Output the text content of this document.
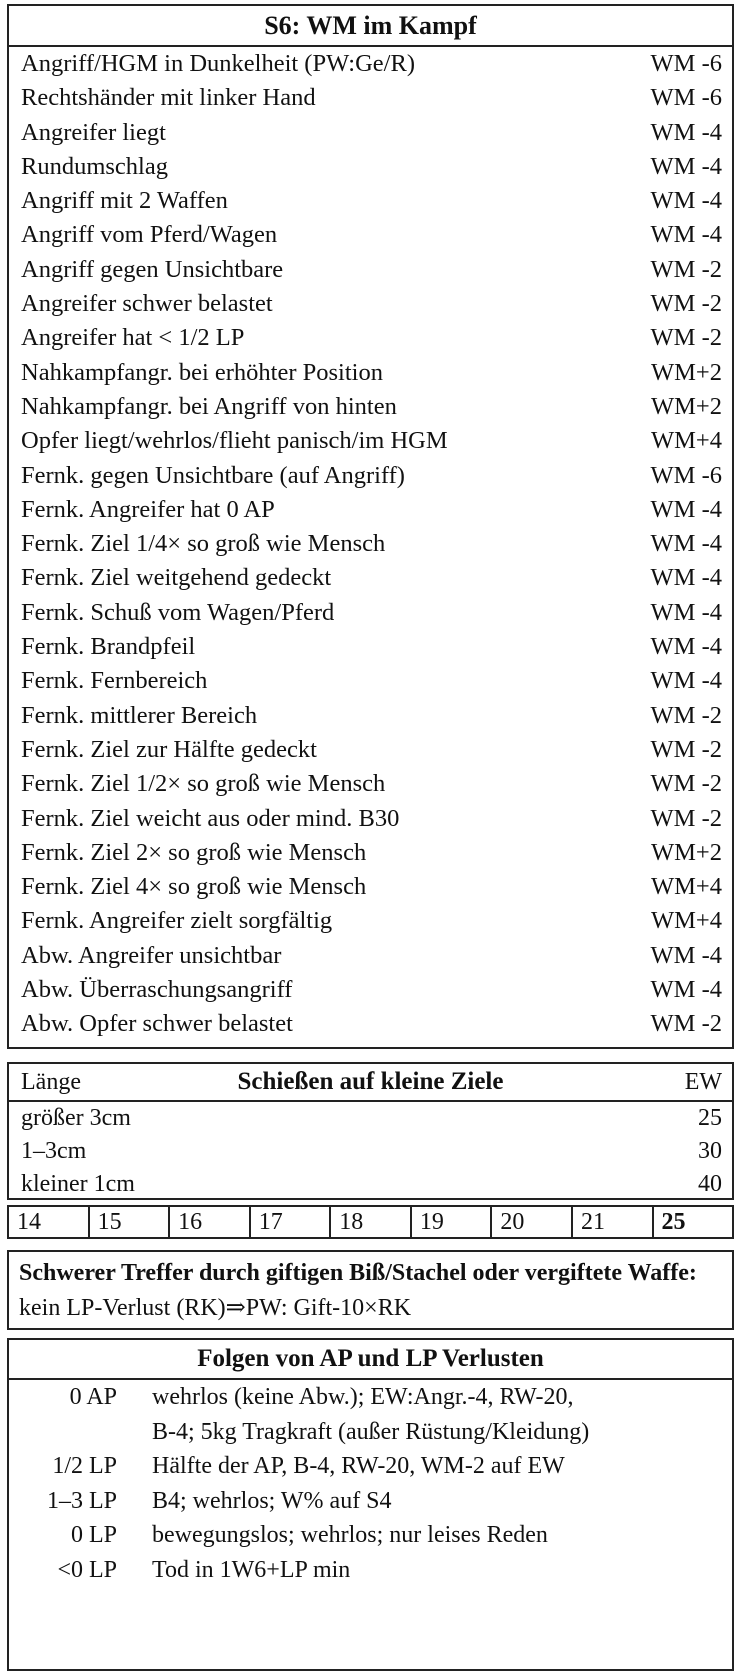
S6: WM im Kampf
Angriff/HGM in Dunkelheit (PW:Ge/R)	WM -6
Rechtshänder mit linker Hand	WM -6
Angreifer liegt	WM -4
Rundumschlag	WM -4
Angriff mit 2 Waffen	WM -4
Angriff vom Pferd/Wagen	WM -4
Angriff gegen Unsichtbare	WM -2
Angreifer schwer belastet	WM -2
Angreifer hat < 1/2 LP	WM -2
Nahkampfangr. bei erhöhter Position	WM+2
Nahkampfangr. bei Angriff von hinten	WM+2
Opfer liegt/wehrlos/flieht panisch/im HGM	WM+4
Fernk. gegen Unsichtbare (auf Angriff)	WM -6
Fernk. Angreifer hat 0 AP	WM -4
Fernk. Ziel 1/4× so groß wie Mensch	WM -4
Fernk. Ziel weitgehend gedeckt	WM -4
Fernk. Schuß vom Wagen/Pferd	WM -4
Fernk. Brandpfeil	WM -4
Fernk. Fernbereich	WM -4
Fernk. mittlerer Bereich	WM -2
Fernk. Ziel zur Hälfte gedeckt	WM -2
Fernk. Ziel 1/2× so groß wie Mensch	WM -2
Fernk. Ziel weicht aus oder mind. B30	WM -2
Fernk. Ziel 2× so groß wie Mensch	WM+2
Fernk. Ziel 4× so groß wie Mensch	WM+4
Fernk. Angreifer zielt sorgfältig	WM+4
Abw. Angreifer unsichtbar	WM -4
Abw. Überraschungsangriff	WM -4
Abw. Opfer schwer belastet	WM -2
Schießen auf kleine Ziele
Länge	EW
größer 3cm	25
1–3cm	30
kleiner 1cm	40
14	15	16	17	18	19	20	21	25
Schwerer Treffer durch giftigen Biß/Stachel oder vergiftete Waffe: kein LP-Verlust (RK)⇒PW: Gift-10×RK
Folgen von AP und LP Verlusten
0 AP wehrlos (keine Abw.); EW:Angr.-4, RW-20,
B-4; 5kg Tragkraft (außer Rüstung/Kleidung)
1/2 LP Hälfte der AP, B-4, RW-20, WM-2 auf EW
1–3 LP B4; wehrlos; W% auf S4
0 LP bewegungslos; wehrlos; nur leises Reden
<0 LP Tod in 1W6+LP min
